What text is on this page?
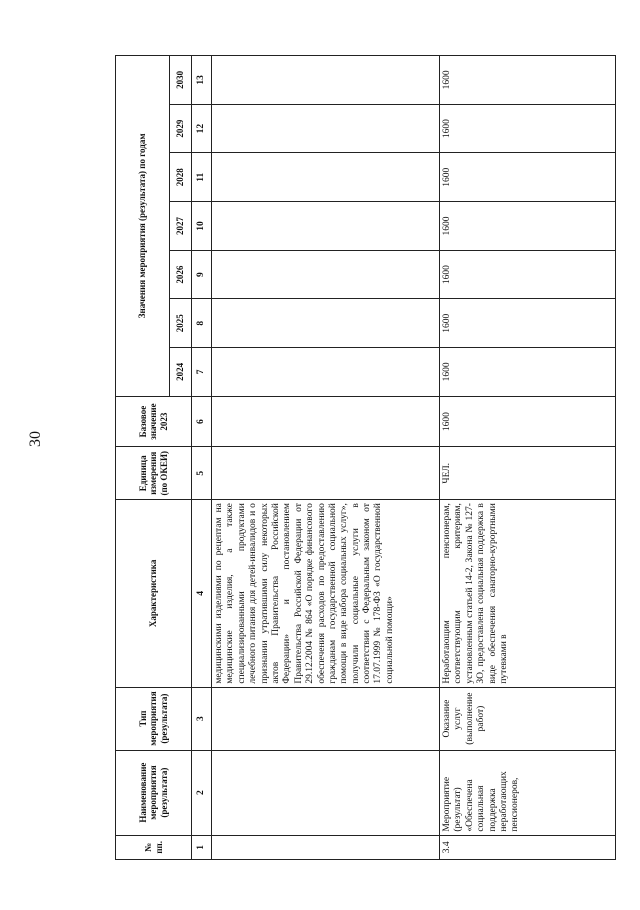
30
№ пп.	Наименование мероприятия (результата)	Тип мероприятия (результата)	Характеристика	Единица измерения (по ОКЕИ)	Базовое значение 2023	Значения мероприятия (результата) по годам						
						2024	2025	2026	2027	2028	2029	2030
1	2	3	4	5	6	7	8	9	10	11	12	13
			медицинскими изделиями по рецептам на медицинские изделия, а также специализированными продуктами лечебного питания для детей-инвалидов и о признании утратившими силу некоторых актов Правительства Российской Федерации» и постановлением Правительства Российской Федерации от 29.12.2004 № 864 «О порядке финансового обеспечения расходов по предоставлению гражданам государственной социальной помощи в виде набора социальных услуг», получили социальные услуги в соответствии с Федеральным законом от 17.07.1999 № 178-ФЗ «О государственной социальной помощи»									
3.4	Мероприятие (результат) «Обеспечена социальная поддержка неработающих пенсионеров,	Оказание услуг (выполнение работ)	Неработающим пенсионерам, соответствующим критериям, установленным статьей 14-2, Закона № 127-ЗО, предоставлена социальная поддержка в виде обеспечения санаторно-курортными путевками в	ЧЕЛ.	1600	1600	1600	1600	1600	1600	1600	1600
